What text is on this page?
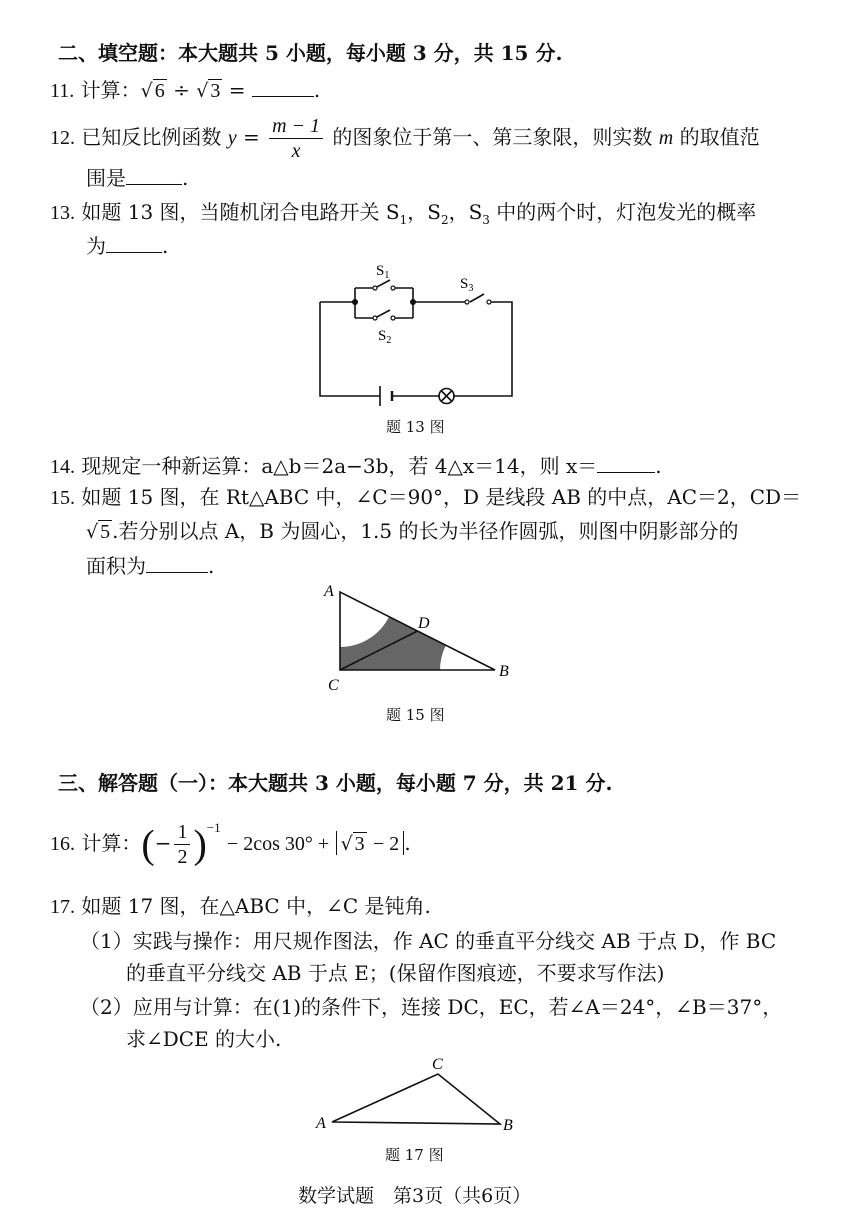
二、填空题：本大题共 5 小题，每小题 3 分，共 15 分.
11. 计算：√ 6 ÷ √ 3 =	.
12. 已知反比例函数 $y = \frac{m - 1}{x}$ 的图象位于第一、第三象限，则实数 m 的取值范
围是	.
13. 如题 13 图，当随机闭合电路开关 $S_1$，$S_2$，$S_3$ 中的两个时，灯泡发光的概率
为	.
$S_1$
$S_2$
$S_3$
题 13 图
14. 现规定一种新运算：a△b＝2a−3b，若 4△x＝14，则 x＝	.
15. 如题 15 图，在 Rt△ABC 中，∠C＝90°，D 是线段 AB 的中点，AC＝2，CD＝
√ 5 .若分别以点 A，B 为圆心，1.5 的长为半径作圆弧，则图中阴影部分的
面积为	.
A
B
C
D
题 15 图
三、解答题（一）：本大题共 3 小题，每小题 7 分，共 21 分.
16. 计算：(− $\frac{1}{2} )^{-1} - 2\cos$ 30° + √ 3 − 2 .
17. 如题 17 图，在△ABC 中，∠C 是钝角.
（1）实践与操作：用尺规作图法，作 AC 的垂直平分线交 AB 于点 D，作 BC
的垂直平分线交 AB 于点 E；(保留作图痕迹，不要求写作法)
（2）应用与计算：在(1)的条件下，连接 DC，EC，若∠A＝24°，∠B＝37°，
求∠DCE 的大小.
A	B
C
题 17 图
数学试题　第3页（共6页）
